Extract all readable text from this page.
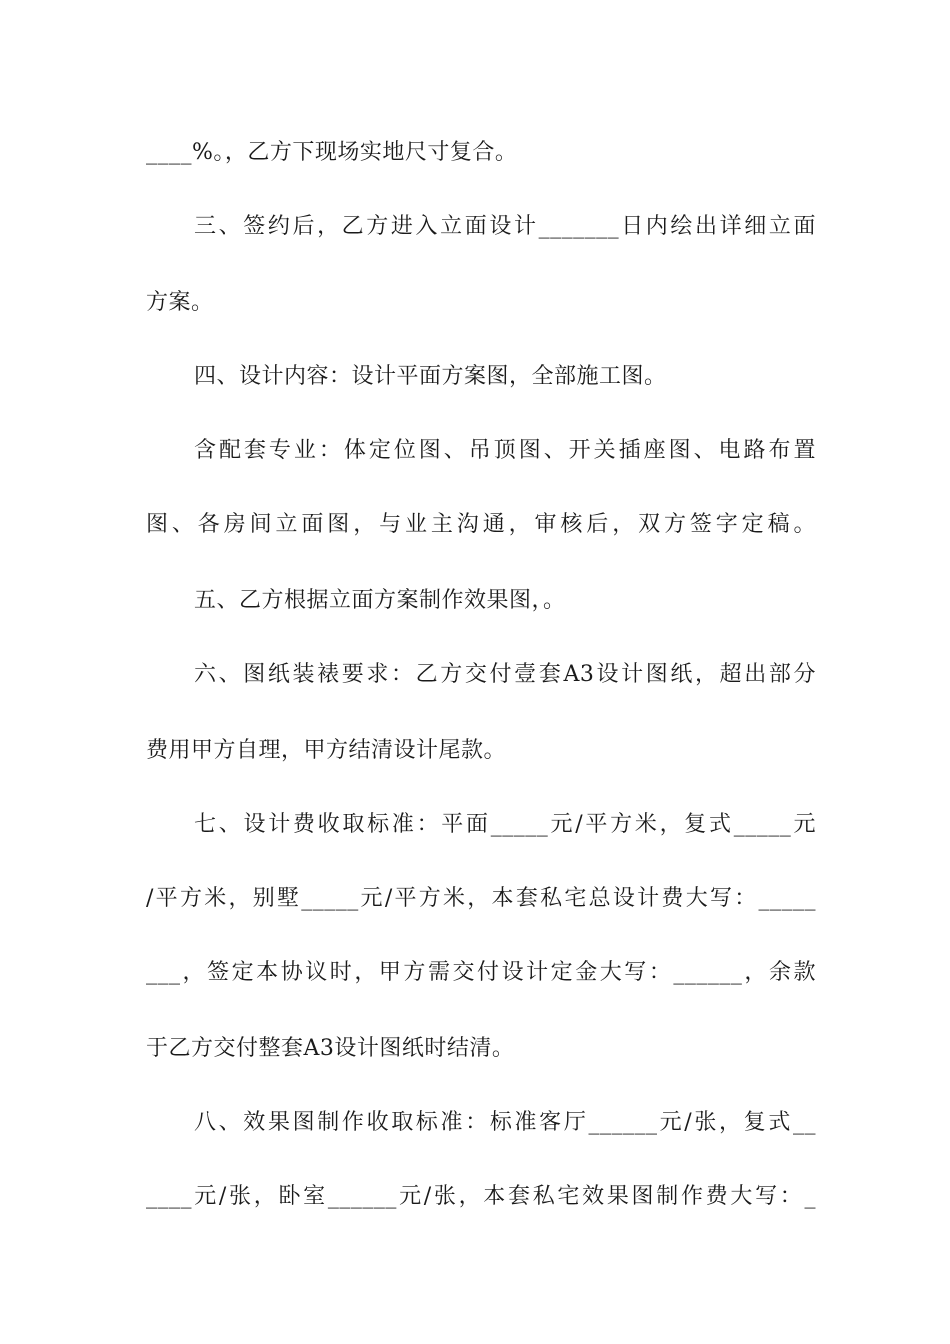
____%。，乙方下现场实地尺寸复合。
三、签约后，乙方进入立面设计_______日内绘出详细立面
方案。
四、设计内容：设计平面方案图，全部施工图。
含配套专业：体定位图、吊顶图、开关插座图、电路布置
图、各房间立面图，与业主沟通，审核后，双方签字定稿。
五、乙方根据立面方案制作效果图，。
六、图纸装裱要求：乙方交付壹套A3设计图纸，超出部分
费用甲方自理，甲方结清设计尾款。
七、设计费收取标准：平面_____元/平方米，复式_____元
/平方米，别墅_____元/平方米，本套私宅总设计费大写：_____
___，签定本协议时，甲方需交付设计定金大写：______，余款
于乙方交付整套A3设计图纸时结清。
八、效果图制作收取标准：标准客厅______元/张，复式__
____元/张，卧室______元/张，本套私宅效果图制作费大写：_
